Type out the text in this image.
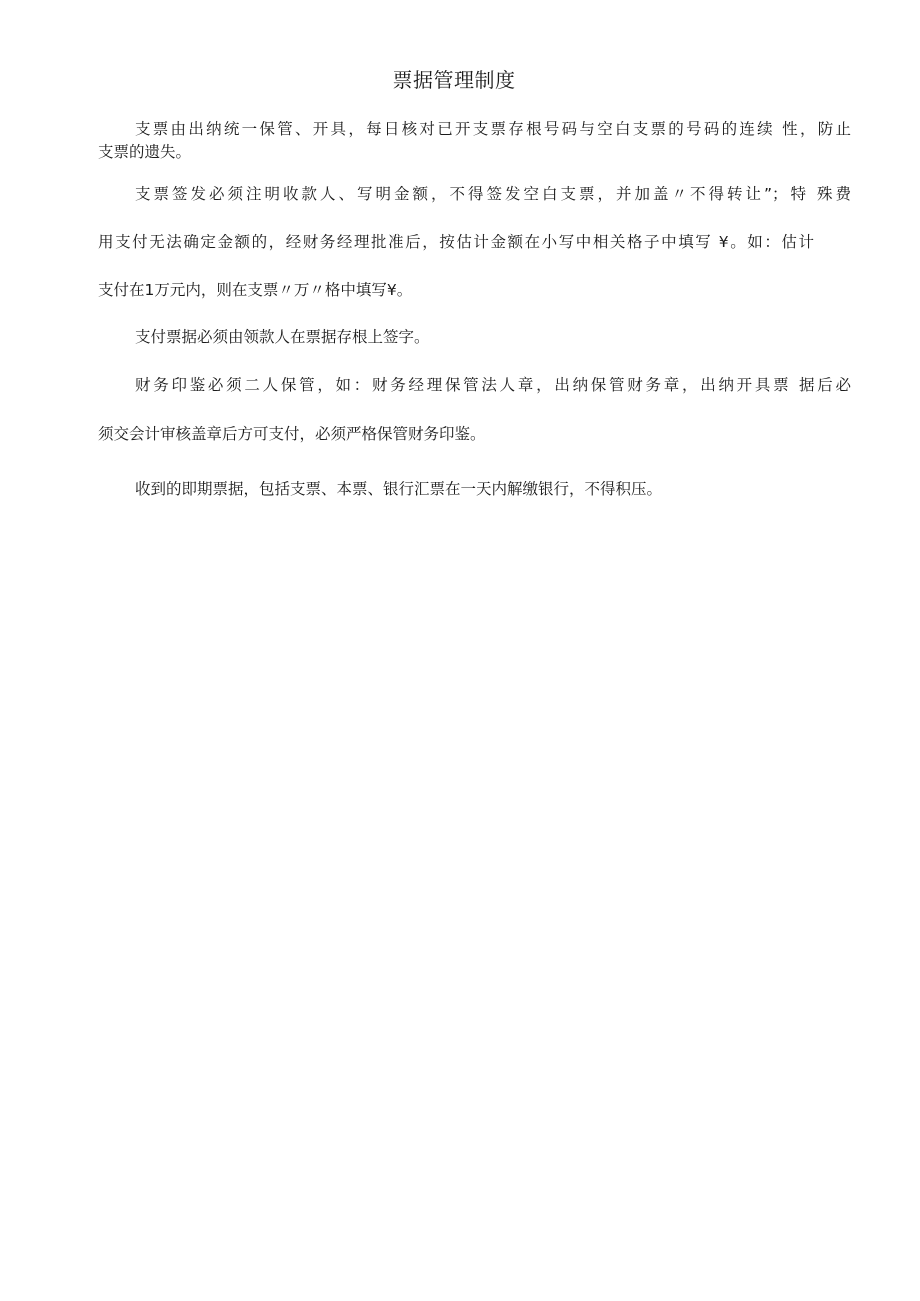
票据管理制度
支票由出纳统一保管、开具，每日核对已开支票存根号码与空白支票的号码的连续 性，防止
支票的遗失。
支票签发必须注明收款人、写明金额，不得签发空白支票，并加盖〃不得转让”；特 殊费
用支付无法确定金额的，经财务经理批准后，按估计金额在小写中相关格子中填写 ¥。如：估计
支付在1万元内，则在支票〃万〃格中填写¥。
支付票据必须由领款人在票据存根上签字。
财务印鉴必须二人保管，如：财务经理保管法人章，出纳保管财务章，出纳开具票 据后必
须交会计审核盖章后方可支付，必须严格保管财务印鉴。
收到的即期票据，包括支票、本票、银行汇票在一天内解缴银行，不得积压。
